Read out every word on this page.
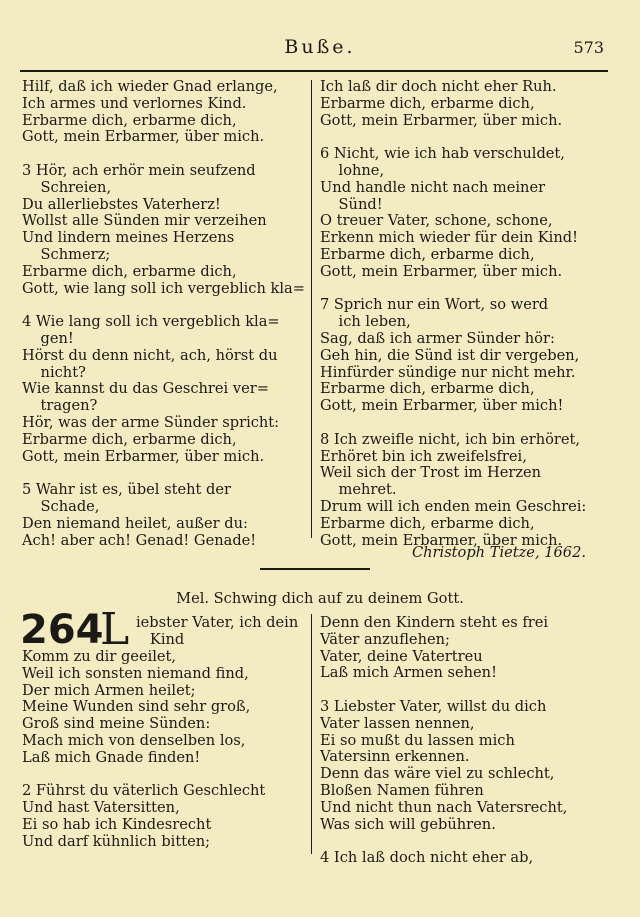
Buße.	573
Hilf, daß ich wieder Gnad erlange,
Ich armes und verlornes Kind.
Erbarme dich, erbarme dich,
Gott, mein Erbarmer, über mich.
3 Hör, ach erhör mein seufzend
Schreien,
Du allerliebstes Vaterherz!
Wollst alle Sünden mir verzeihen
Und lindern meines Herzens
Schmerz;
Erbarme dich, erbarme dich,
Gott, wie lang soll ich vergeblich kla=
4 Wie lang soll ich vergeblich kla=
gen!
Hörst du denn nicht, ach, hörst du
nicht?
Wie kannst du das Geschrei ver=
tragen?
Hör, was der arme Sünder spricht:
Erbarme dich, erbarme dich,
Gott, mein Erbarmer, über mich.
5 Wahr ist es, übel steht der
Schade,
Den niemand heilet, außer du:
Ach! aber ach! Genad! Genade!
Ich laß dir doch nicht eher Ruh.
Erbarme dich, erbarme dich,
Gott, mein Erbarmer, über mich.
6 Nicht, wie ich hab verschuldet,
lohne,
Und handle nicht nach meiner
Sünd!
O treuer Vater, schone, schone,
Erkenn mich wieder für dein Kind!
Erbarme dich, erbarme dich,
Gott, mein Erbarmer, über mich.
7 Sprich nur ein Wort, so werd
ich leben,
Sag, daß ich armer Sünder hör:
Geh hin, die Sünd ist dir vergeben,
Hinfürder sündige nur nicht mehr.
Erbarme dich, erbarme dich,
Gott, mein Erbarmer, über mich!
8 Ich zweifle nicht, ich bin erhöret,
Erhöret bin ich zweifelsfrei,
Weil sich der Trost im Herzen
mehret.
Drum will ich enden mein Geschrei:
Erbarme dich, erbarme dich,
Gott, mein Erbarmer, über mich.
Christoph Tietze, 1662.
Mel. Schwing dich auf zu deinem Gott.
264
L iebster Vater, ich dein
Kind
Komm zu dir geeilet,
Weil ich sonsten niemand find,
Der mich Armen heilet;
Meine Wunden sind sehr groß,
Groß sind meine Sünden:
Mach mich von denselben los,
Laß mich Gnade finden!
2 Führst du väterlich Geschlecht
Und hast Vatersitten,
Ei so hab ich Kindesrecht
Und darf kühnlich bitten;
Denn den Kindern steht es frei
Väter anzuflehen;
Vater, deine Vatertreu
Laß mich Armen sehen!
3 Liebster Vater, willst du dich
Vater lassen nennen,
Ei so mußt du lassen mich
Vatersinn erkennen.
Denn das wäre viel zu schlecht,
Bloßen Namen führen
Und nicht thun nach Vatersrecht,
Was sich will gebühren.
4 Ich laß doch nicht eher ab,
